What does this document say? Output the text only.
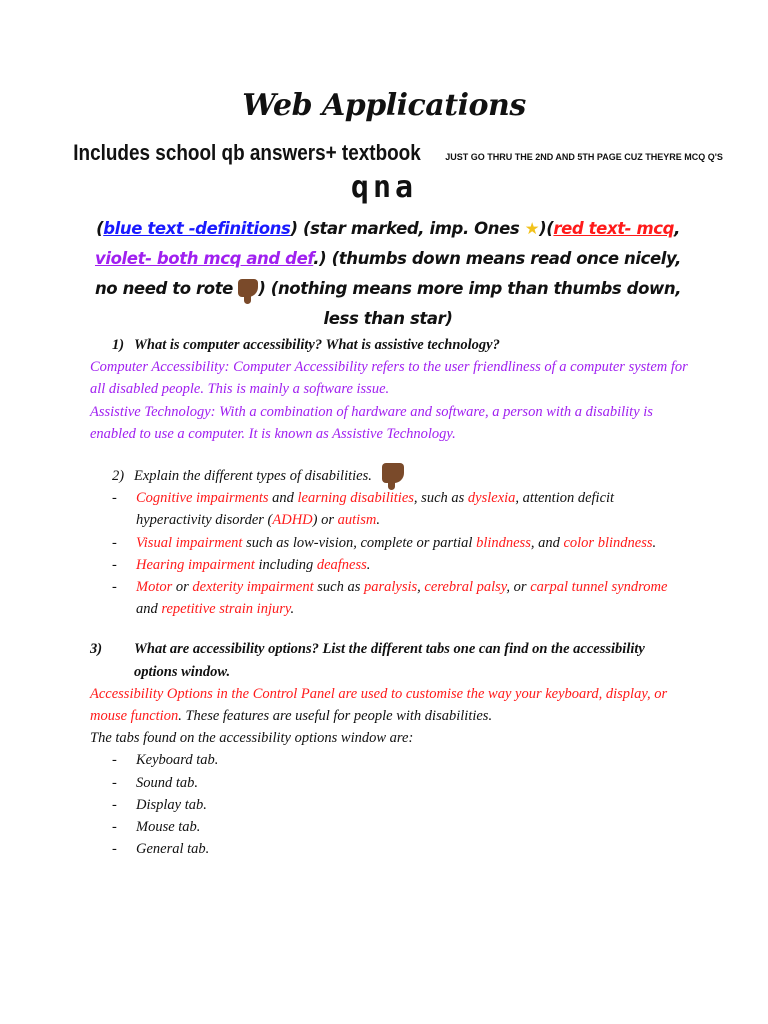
Web Applications
Includes school qb answers+ textbook	JUST GO THRU THE 2ND AND 5TH PAGE CUZ THEYRE MCQ Q'S
qna
(blue text -definitions) (star marked, imp. Ones ★)(red text- mcq, violet- both mcq and def.) (thumbs down means read once nicely, no need to rote ) (nothing means more imp than thumbs down, less than star)
1) What is computer accessibility? What is assistive technology?
Computer Accessibility: Computer Accessibility refers to the user friendliness of a computer system for all disabled people. This is mainly a software issue.
Assistive Technology: With a combination of hardware and software, a person with a disability is enabled to use a computer. It is known as Assistive Technology.
2) Explain the different types of disabilities.
- Cognitive impairments and learning disabilities, such as dyslexia, attention deficit hyperactivity disorder (ADHD) or autism.
- Visual impairment such as low-vision, complete or partial blindness, and color blindness.
- Hearing impairment including deafness.
- Motor or dexterity impairment such as paralysis, cerebral palsy, or carpal tunnel syndrome and repetitive strain injury.
3) What are accessibility options? List the different tabs one can find on the accessibility options window.
Accessibility Options in the Control Panel are used to customise the way your keyboard, display, or mouse function. These features are useful for people with disabilities.
The tabs found on the accessibility options window are:
- Keyboard tab.
- Sound tab.
- Display tab.
- Mouse tab.
- General tab.
